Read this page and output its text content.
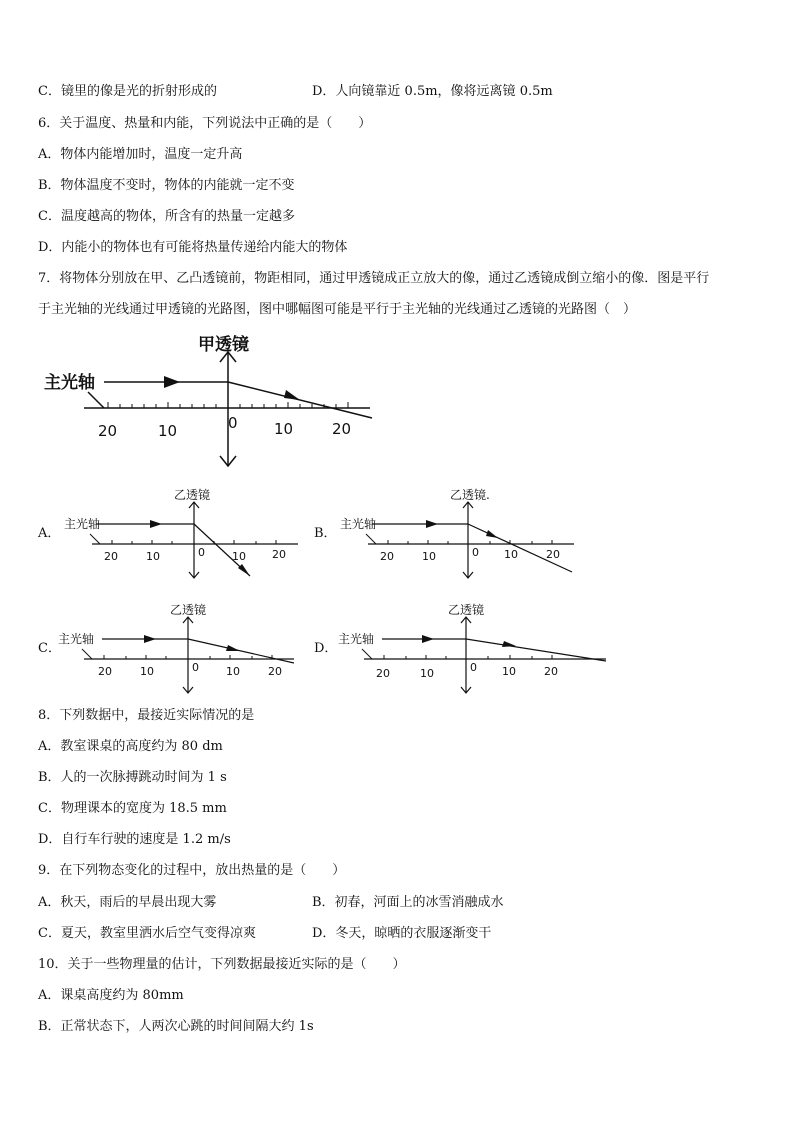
C．镜里的像是光的折射形成的	D．人向镜靠近 0.5m，像将远离镜 0.5m
6．关于温度、热量和内能，下列说法中正确的是（　　）
A．物体内能增加时，温度一定升高
B．物体温度不变时，物体的内能就一定不变
C．温度越高的物体，所含有的热量一定越多
D．内能小的物体也有可能将热量传递给内能大的物体
7．将物体分别放在甲、乙凸透镜前，物距相同，通过甲透镜成正立放大的像，通过乙透镜成倒立缩小的像．图是平行
于主光轴的光线通过甲透镜的光路图，图中哪幅图可能是平行于主光轴的光线通过乙透镜的光路图（　）
甲透镜
主光轴
20	10	0 10	20
A．
乙透镜
主光轴
20	10	0 10 20
B．
乙透镜.
主光轴
20	10	0 10	20
C．
乙透镜
主光轴
20	10	0 10	20
D．
乙透镜
主光轴
20	10	0 10	20
8．下列数据中，最接近实际情况的是
A．教室课桌的高度约为 80 dm
B．人的一次脉搏跳动时间为 1 s
C．物理课本的宽度为 18.5 mm
D．自行车行驶的速度是 1.2 m/s
9．在下列物态变化的过程中，放出热量的是（　　）
A．秋天，雨后的早晨出现大雾	B．初春，河面上的冰雪消融成水
C．夏天，教室里洒水后空气变得凉爽	D．冬天，晾晒的衣服逐渐变干
10．关于一些物理量的估计，下列数据最接近实际的是（　　）
A．课桌高度约为 80mm
B．正常状态下，人两次心跳的时间间隔大约 1s
